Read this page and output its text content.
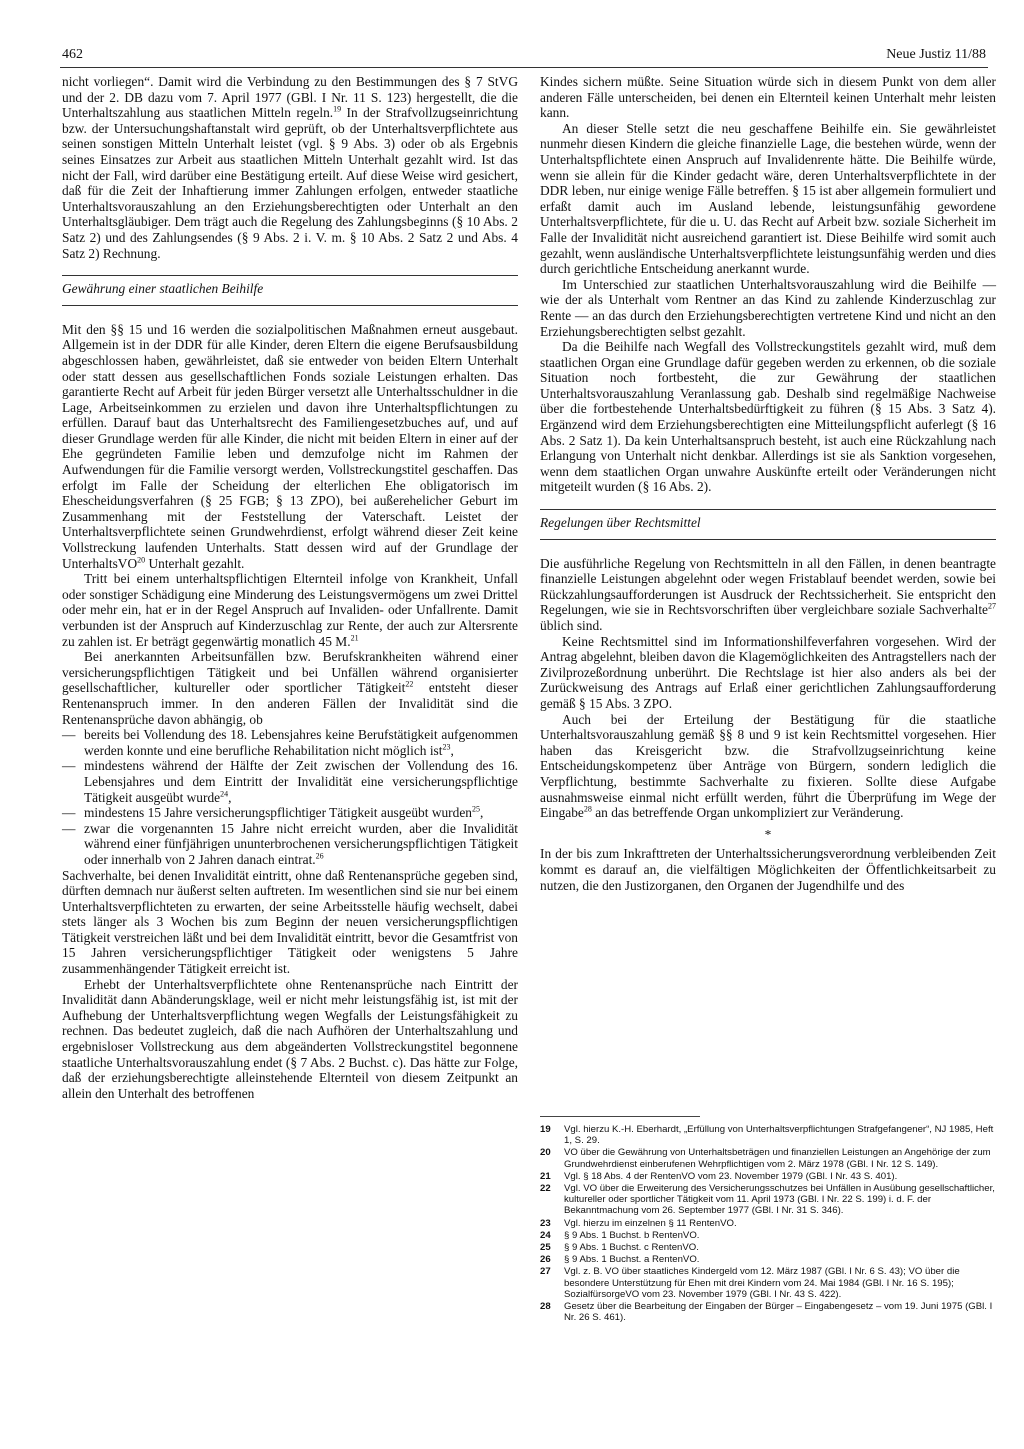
462	Neue Justiz 11/88

nicht vorliegen“. Damit wird die Verbindung zu den Bestimmungen des § 7 StVG und der 2. DB dazu vom 7. April 1977 (GBl. I Nr. 11 S. 123) hergestellt, die die Unterhaltszahlung aus staatlichen Mitteln regeln.$^{19}$ In der Strafvollzugseinrichtung bzw. der Untersuchungshaftanstalt wird geprüft, ob der Unterhaltsverpflichtete aus seinen sonstigen Mitteln Unterhalt leistet (vgl. § 9 Abs. 3) oder ob als Ergebnis seines Einsatzes zur Arbeit aus staatlichen Mitteln Unterhalt gezahlt wird. Ist das nicht der Fall, wird darüber eine Bestätigung erteilt. Auf diese Weise wird gesichert, daß für die Zeit der Inhaftierung immer Zahlungen erfolgen, entweder staatliche Unterhaltsvorauszahlung an den Erziehungsberechtigten oder Unterhalt an den Unterhaltsgläubiger. Dem trägt auch die Regelung des Zahlungsbeginns (§ 10 Abs. 2 Satz 2) und des Zahlungsendes (§ 9 Abs. 2 i. V. m. § 10 Abs. 2 Satz 2 und Abs. 4 Satz 2) Rechnung.

Gewährung einer staatlichen Beihilfe

Mit den §§ 15 und 16 werden die sozialpolitischen Maßnahmen erneut ausgebaut. Allgemein ist in der DDR für alle Kinder, deren Eltern die eigene Berufsausbildung abgeschlossen haben, gewährleistet, daß sie entweder von beiden Eltern Unterhalt oder statt dessen aus gesellschaftlichen Fonds soziale Leistungen erhalten. Das garantierte Recht auf Arbeit für jeden Bürger versetzt alle Unterhaltsschuldner in die Lage, Arbeitseinkommen zu erzielen und davon ihre Unterhaltspflichtungen zu erfüllen. Darauf baut das Unterhaltsrecht des Familiengesetzbuches auf, und auf dieser Grundlage werden für alle Kinder, die nicht mit beiden Eltern in einer auf der Ehe gegründeten Familie leben und demzufolge nicht im Rahmen der Aufwendungen für die Familie versorgt werden, Vollstreckungstitel geschaffen. Das erfolgt im Falle der Scheidung der elterlichen Ehe obligatorisch im Ehescheidungsverfahren (§ 25 FGB; § 13 ZPO), bei außerehelicher Geburt im Zusammenhang mit der Feststellung der Vaterschaft. Leistet der Unterhaltsverpflichtete seinen Grundwehrdienst, erfolgt während dieser Zeit keine Vollstreckung laufenden Unterhalts. Statt dessen wird auf der Grundlage der UnterhaltsVO$^{20}$ Unterhalt gezahlt.

Tritt bei einem unterhaltspflichtigen Elternteil infolge von Krankheit, Unfall oder sonstiger Schädigung eine Minderung des Leistungsvermögens um zwei Drittel oder mehr ein, hat er in der Regel Anspruch auf Invaliden- oder Unfallrente. Damit verbunden ist der Anspruch auf Kinderzuschlag zur Rente, der auch zur Altersrente zu zahlen ist. Er beträgt gegenwärtig monatlich 45 M.$^{21}$

Bei anerkannten Arbeitsunfällen bzw. Berufskrankheiten während einer versicherungspflichtigen Tätigkeit und bei Unfällen während organisierter gesellschaftlicher, kultureller oder sportlicher Tätigkeit$^{22}$ entsteht dieser Rentenanspruch immer. In den anderen Fällen der Invalidität sind die Rentenansprüche davon abhängig, ob

— bereits bei Vollendung des 18. Lebensjahres keine Berufstätigkeit aufgenommen werden konnte und eine berufliche Rehabilitation nicht möglich ist$^{23}$,
— mindestens während der Hälfte der Zeit zwischen der Vollendung des 16. Lebensjahres und dem Eintritt der Invalidität eine versicherungspflichtige Tätigkeit ausgeübt wurde$^{24}$,
— mindestens 15 Jahre versicherungspflichtiger Tätigkeit ausgeübt wurden$^{25}$,
— zwar die vorgenannten 15 Jahre nicht erreicht wurden, aber die Invalidität während einer fünfjährigen ununterbrochenen versicherungspflichtigen Tätigkeit oder innerhalb von 2 Jahren danach eintrat.$^{26}$

Sachverhalte, bei denen Invalidität eintritt, ohne daß Rentenansprüche gegeben sind, dürften demnach nur äußerst selten auftreten. Im wesentlichen sind sie nur bei einem Unterhaltsverpflichteten zu erwarten, der seine Arbeitsstelle häufig wechselt, dabei stets länger als 3 Wochen bis zum Beginn der neuen versicherungspflichtigen Tätigkeit verstreichen läßt und bei dem Invalidität eintritt, bevor die Gesamtfrist von 15 Jahren versicherungspflichtiger Tätigkeit oder wenigstens 5 Jahre zusammenhängender Tätigkeit erreicht ist.

Erhebt der Unterhaltsverpflichtete ohne Rentenansprüche nach Eintritt der Invalidität dann Abänderungsklage, weil er nicht mehr leistungsfähig ist, ist mit der Aufhebung der Unterhaltsverpflichtung wegen Wegfalls der Leistungsfähigkeit zu rechnen. Das bedeutet zugleich, daß die nach Aufhören der Unterhaltszahlung und ergebnisloser Vollstreckung aus dem abgeänderten Vollstreckungstitel begonnene staatliche Unterhaltsvorauszahlung endet (§ 7 Abs. 2 Buchst. c). Das hätte zur Folge, daß der erziehungsberechtigte alleinstehende Elternteil von diesem Zeitpunkt an allein den Unterhalt des betroffenen

Kindes sichern müßte. Seine Situation würde sich in diesem Punkt von dem aller anderen Fälle unterscheiden, bei denen ein Elternteil keinen Unterhalt mehr leisten kann.

An dieser Stelle setzt die neu geschaffene Beihilfe ein. Sie gewährleistet nunmehr diesen Kindern die gleiche finanzielle Lage, die bestehen würde, wenn der Unterhaltspflichtete einen Anspruch auf Invalidenrente hätte. Die Beihilfe würde, wenn sie allein für die Kinder gedacht wäre, deren Unterhaltsverpflichtete in der DDR leben, nur einige wenige Fälle betreffen. § 15 ist aber allgemein formuliert und erfaßt damit auch im Ausland lebende, leistungsunfähig gewordene Unterhaltsverpflichtete, für die u. U. das Recht auf Arbeit bzw. soziale Sicherheit im Falle der Invalidität nicht ausreichend garantiert ist. Diese Beihilfe wird somit auch gezahlt, wenn ausländische Unterhaltsverpflichtete leistungsunfähig werden und dies durch gerichtliche Entscheidung anerkannt wurde.

Im Unterschied zur staatlichen Unterhaltsvorauszahlung wird die Beihilfe — wie der als Unterhalt vom Rentner an das Kind zu zahlende Kinderzuschlag zur Rente — an das durch den Erziehungsberechtigten vertretene Kind und nicht an den Erziehungsberechtigten selbst gezahlt.

Da die Beihilfe nach Wegfall des Vollstreckungstitels gezahlt wird, muß dem staatlichen Organ eine Grundlage dafür gegeben werden zu erkennen, ob die soziale Situation noch fortbesteht, die zur Gewährung der staatlichen Unterhaltsvorauszahlung Veranlassung gab. Deshalb sind regelmäßige Nachweise über die fortbestehende Unterhaltsbedürftigkeit zu führen (§ 15 Abs. 3 Satz 4). Ergänzend wird dem Erziehungsberechtigten eine Mitteilungspflicht auferlegt (§ 16 Abs. 2 Satz 1). Da kein Unterhaltsanspruch besteht, ist auch eine Rückzahlung nach Erlangung von Unterhalt nicht denkbar. Allerdings ist sie als Sanktion vorgesehen, wenn dem staatlichen Organ unwahre Auskünfte erteilt oder Veränderungen nicht mitgeteilt wurden (§ 16 Abs. 2).

Regelungen über Rechtsmittel

Die ausführliche Regelung von Rechtsmitteln in all den Fällen, in denen beantragte finanzielle Leistungen abgelehnt oder wegen Fristablauf beendet werden, sowie bei Rückzahlungsaufforderungen ist Ausdruck der Rechtssicherheit. Sie entspricht den Regelungen, wie sie in Rechtsvorschriften über vergleichbare soziale Sachverhalte$^{27}$ üblich sind.

Keine Rechtsmittel sind im Informationshilfeverfahren vorgesehen. Wird der Antrag abgelehnt, bleiben davon die Klagemöglichkeiten des Antragstellers nach der Zivilprozeßordnung unberührt. Die Rechtslage ist hier also anders als bei der Zurückweisung des Antrags auf Erlaß einer gerichtlichen Zahlungsaufforderung gemäß § 15 Abs. 3 ZPO.

Auch bei der Erteilung der Bestätigung für die staatliche Unterhaltsvorauszahlung gemäß §§ 8 und 9 ist kein Rechtsmittel vorgesehen. Hier haben das Kreisgericht bzw. die Strafvollzugseinrichtung keine Entscheidungskompetenz über Anträge von Bürgern, sondern lediglich die Verpflichtung, bestimmte Sachverhalte zu fixieren. Sollte diese Aufgabe ausnahmsweise einmal nicht erfüllt werden, führt die Überprüfung im Wege der Eingabe$^{28}$ an das betreffende Organ unkompliziert zur Veränderung.

*

In der bis zum Inkrafttreten der Unterhaltssicherungsverordnung verbleibenden Zeit kommt es darauf an, die vielfältigen Möglichkeiten der Öffentlichkeitsarbeit zu nutzen, die den Justizorganen, den Organen der Jugendhilfe und des

19	Vgl. hierzu K.-H. Eberhardt, „Erfüllung von Unterhaltsverpflichtungen Strafgefangener“, NJ 1985, Heft 1, S. 29.
20	VO über die Gewährung von Unterhaltsbeträgen und finanziellen Leistungen an Angehörige der zum Grundwehrdienst einberufenen Wehrpflichtigen vom 2. März 1978 (GBl. I Nr. 12 S. 149).
21	Vgl. § 18 Abs. 4 der RentenVO vom 23. November 1979 (GBl. I Nr. 43 S. 401).
22	Vgl. VO über die Erweiterung des Versicherungsschutzes bei Unfällen in Ausübung gesellschaftlicher, kultureller oder sportlicher Tätigkeit vom 11. April 1973 (GBl. I Nr. 22 S. 199) i. d. F. der Bekanntmachung vom 26. September 1977 (GBl. I Nr. 31 S. 346).
23	Vgl. hierzu im einzelnen § 11 RentenVO.
24	§ 9 Abs. 1 Buchst. b RentenVO.
25	§ 9 Abs. 1 Buchst. c RentenVO.
26	§ 9 Abs. 1 Buchst. a RentenVO.
27	Vgl. z. B. VO über staatliches Kindergeld vom 12. März 1987 (GBl. I Nr. 6 S. 43); VO über die besondere Unterstützung für Ehen mit drei Kindern vom 24. Mai 1984 (GBl. I Nr. 16 S. 195); SozialfürsorgeVO vom 23. November 1979 (GBl. I Nr. 43 S. 422).
28	Gesetz über die Bearbeitung der Eingaben der Bürger – Eingabengesetz – vom 19. Juni 1975 (GBl. I Nr. 26 S. 461).
